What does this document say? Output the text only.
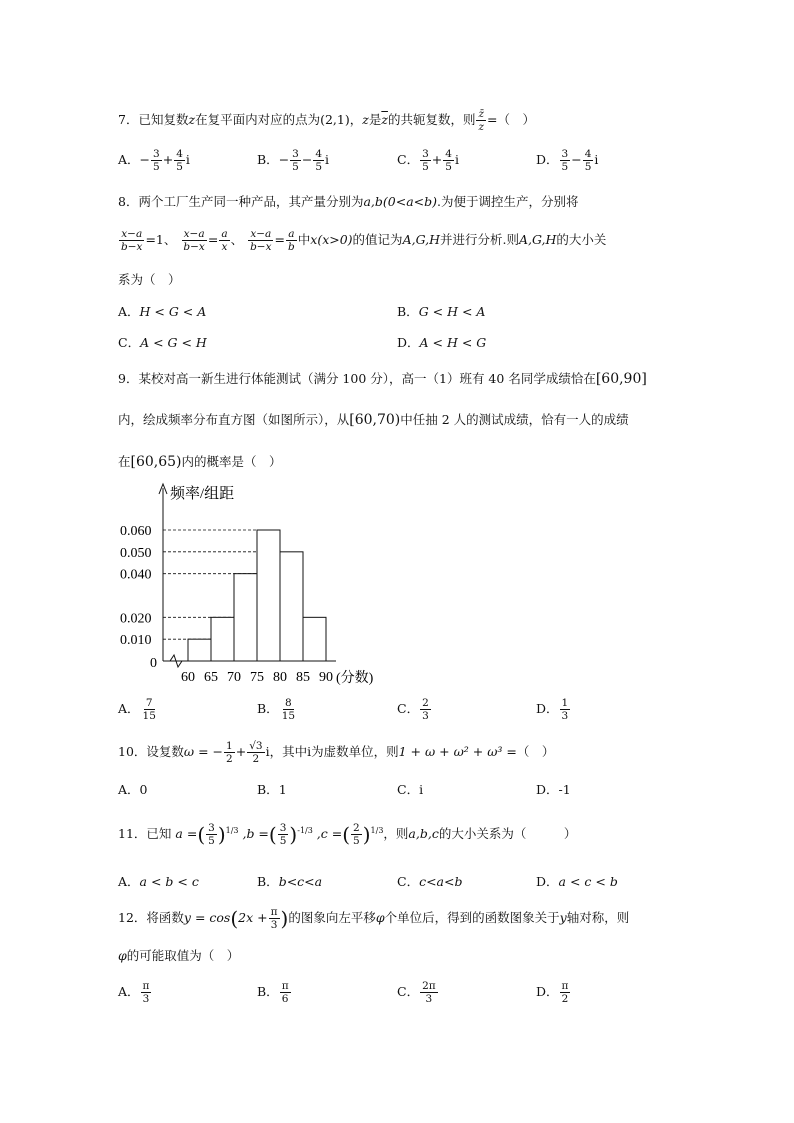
7．已知复数z在复平面内对应的点为(2,1)，z是$\overline{z}$的共轭复数，则 $\frac{z̄}{z}$ =（　）
A．− $\frac{3}{5} + \frac{4}{5}$ i	B．− $\frac{3}{5} - \frac{4}{5}$ i	C． $\frac{3}{5} + \frac{4}{5}$ i	D． $\frac{3}{5} - \frac{4}{5}$ i
8．两个工厂生产同一种产品，其产量分别为a,b(0<a<b).为便于调控生产，分别将
$\frac{x-a}{b-x} =1$、 $\frac{x-a}{b-x} = \frac{a}{x}$ 、 $\frac{x-a}{b-x} = \frac{a}{b}$ 中x(x>0)的值记为A,G,H并进行分析.则A,G,H的大小关
系为（　）
A．H < G < A	B．G < H < A
C．A < G < H	D．A < H < G
9．某校对高一新生进行体能测试（满分 100 分），高一（1）班有 40 名同学成绩恰在[60,90]
内，绘成频率分布直方图（如图所示），从[60,70)中任抽 2 人的测试成绩，恰有一人的成绩
在[60,65)内的概率是（　）
频率/组距
0.060
0.050
0.040
0.020
0.010
0
60 65 70 75 80 85 90 (分数)
A． $\frac{7}{15}$	B． $\frac{8}{15}$	C． $\frac{2}{3}$	D． $\frac{1}{3}$
10．设复数ω = − $\frac{1}{2} + \frac{√3}{2}$ i，其中i为虚数单位，则1 + ω + ω² + ω³ =（　）
A．0	B．1	C．i	D．-1
11．已知 a =( $\frac{3}{5} )^{1/3}$ ,b =( $\frac{3}{5} )^{-1/3}$ ,c =( $\frac{2}{5} )^{1/3}$，则a,b,c的大小关系为（　　　）
A．a < b < c	B．b<c<a	C．c<a<b	D．a < c < b
12．将函数$y = \cos(2x + \frac{\pi}{3}$ )的图象向左平移φ个单位后，得到的函数图象关于y轴对称，则
φ的可能取值为（　）
A． $\frac{\pi}{3}$	B． $\frac{\pi}{6}$	C． $\frac{2\pi}{3}$	D． $\frac{\pi}{2}$
